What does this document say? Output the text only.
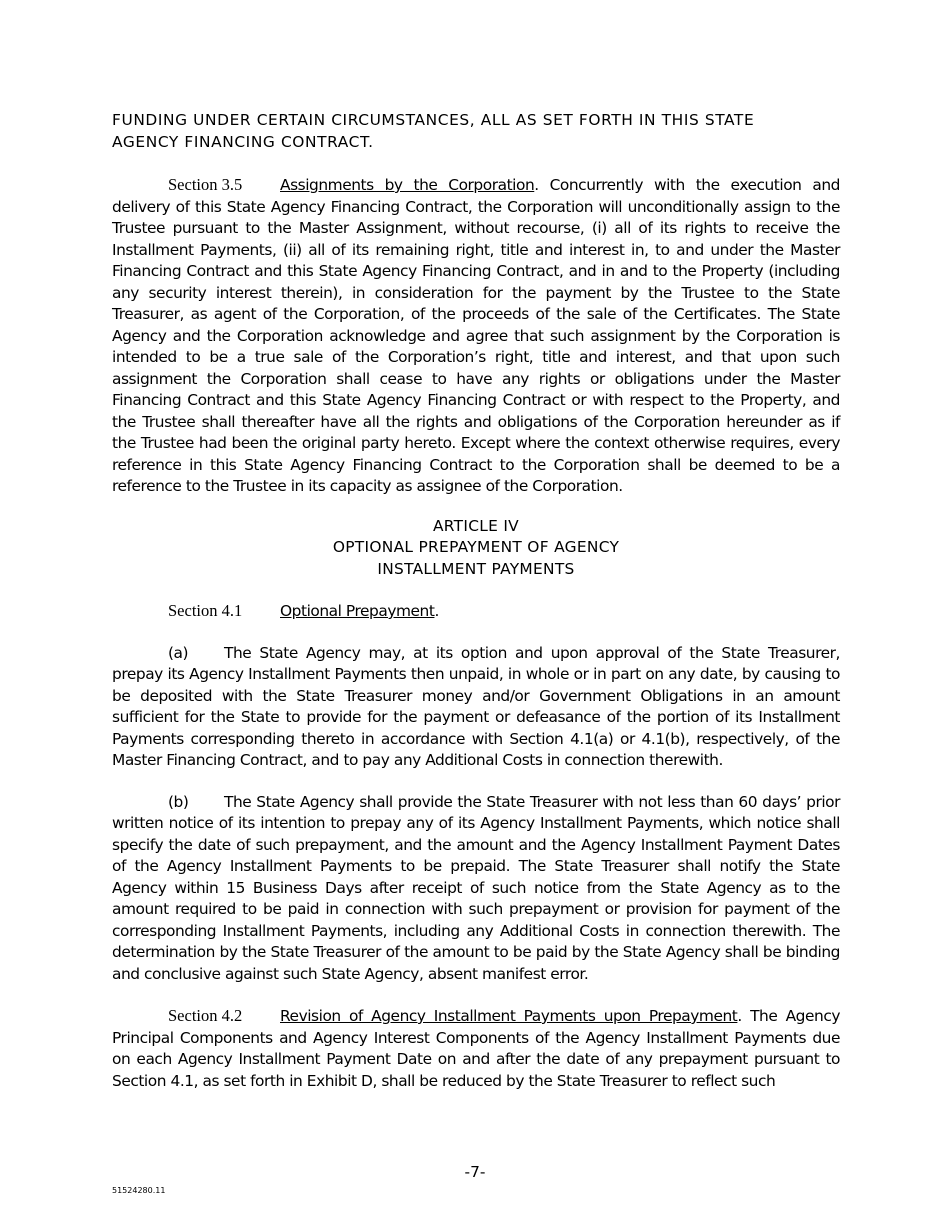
FUNDING UNDER CERTAIN CIRCUMSTANCES, ALL AS SET FORTH IN THIS STATE

AGENCY FINANCING CONTRACT.

Section 3.5 Assignments by the Corporation. Concurrently with the execution and delivery of this State Agency Financing Contract, the Corporation will unconditionally assign to the Trustee pursuant to the Master Assignment, without recourse, (i) all of its rights to receive the Installment Payments, (ii) all of its remaining right, title and interest in, to and under the Master Financing Contract and this State Agency Financing Contract, and in and to the Property (including any security interest therein), in consideration for the payment by the Trustee to the State Treasurer, as agent of the Corporation, of the proceeds of the sale of the Certificates. The State Agency and the Corporation acknowledge and agree that such assignment by the Corporation is intended to be a true sale of the Corporation’s right, title and interest, and that upon such assignment the Corporation shall cease to have any rights or obligations under the Master Financing Contract and this State Agency Financing Contract or with respect to the Property, and the Trustee shall thereafter have all the rights and obligations of the Corporation hereunder as if the Trustee had been the original party hereto. Except where the context otherwise requires, every reference in this State Agency Financing Contract to the Corporation shall be deemed to be a reference to the Trustee in its capacity as assignee of the Corporation.

ARTICLE IV
OPTIONAL PREPAYMENT OF AGENCY
INSTALLMENT PAYMENTS

Section 4.1 Optional Prepayment.

(a) The State Agency may, at its option and upon approval of the State Treasurer, prepay its Agency Installment Payments then unpaid, in whole or in part on any date, by causing to be deposited with the State Treasurer money and/or Government Obligations in an amount sufficient for the State to provide for the payment or defeasance of the portion of its Installment Payments corresponding thereto in accordance with Section 4.1(a) or 4.1(b), respectively, of the Master Financing Contract, and to pay any Additional Costs in connection therewith.

(b) The State Agency shall provide the State Treasurer with not less than 60 days’ prior written notice of its intention to prepay any of its Agency Installment Payments, which notice shall specify the date of such prepayment, and the amount and the Agency Installment Payment Dates of the Agency Installment Payments to be prepaid. The State Treasurer shall notify the State Agency within 15 Business Days after receipt of such notice from the State Agency as to the amount required to be paid in connection with such prepayment or provision for payment of the corresponding Installment Payments, including any Additional Costs in connection therewith. The determination by the State Treasurer of the amount to be paid by the State Agency shall be binding and conclusive against such State Agency, absent manifest error.

Section 4.2 Revision of Agency Installment Payments upon Prepayment. The Agency Principal Components and Agency Interest Components of the Agency Installment Payments due on each Agency Installment Payment Date on and after the date of any prepayment pursuant to Section 4.1, as set forth in Exhibit D, shall be reduced by the State Treasurer to reflect such

-7-
51524280.11
